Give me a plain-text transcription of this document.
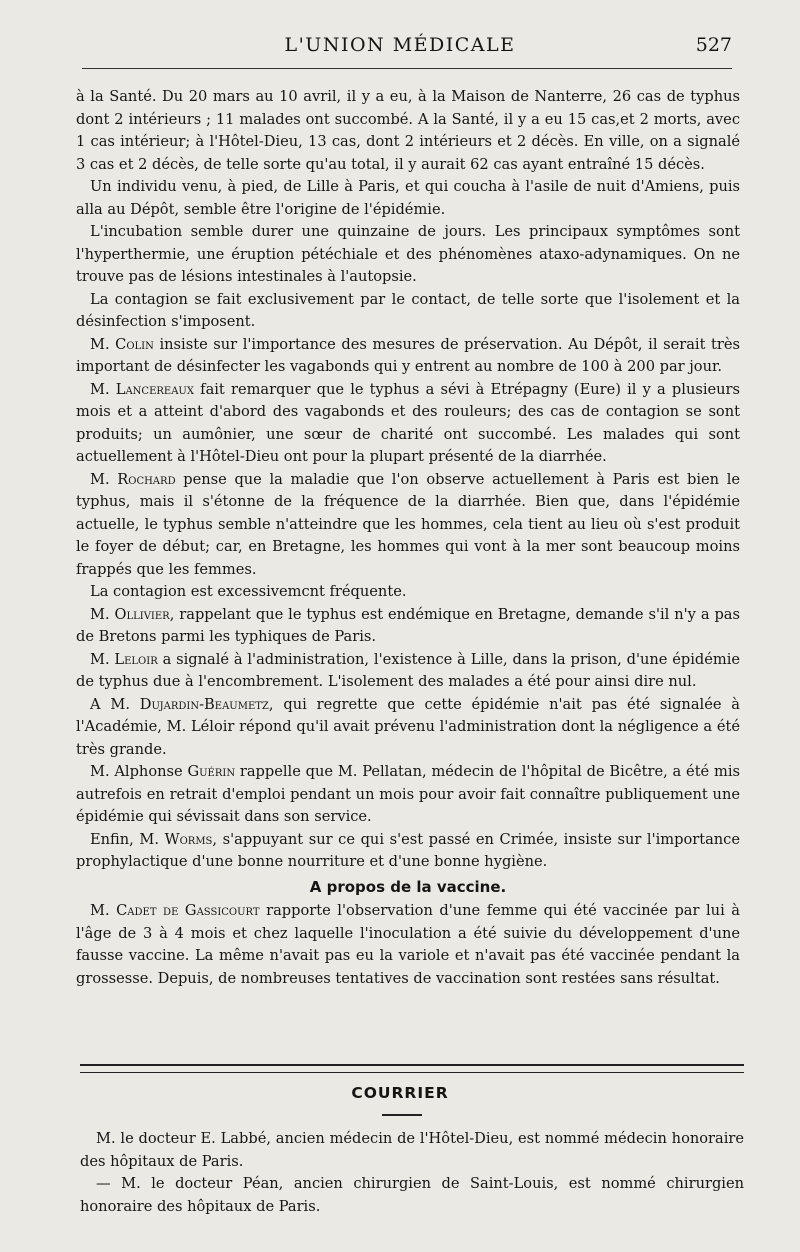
L'UNION MÉDICALE	527

à la Santé. Du 20 mars au 10 avril, il y a eu, à la Maison de Nanterre, 26 cas de typhus dont 2 intérieurs ; 11 malades ont succombé. A la Santé, il y a eu 15 cas,et 2 morts, avec 1 cas intérieur; à l'Hôtel-Dieu, 13 cas, dont 2 intérieurs et 2 décès. En ville, on a signalé 3 cas et 2 décès, de telle sorte qu'au total, il y aurait 62 cas ayant entraîné 15 décès.

Un individu venu, à pied, de Lille à Paris, et qui coucha à l'asile de nuit d'Amiens, puis alla au Dépôt, semble être l'origine de l'épidémie.

L'incubation semble durer une quinzaine de jours. Les principaux symptômes sont l'hyperthermie, une éruption pétéchiale et des phénomènes ataxo-adynamiques. On ne trouve pas de lésions intestinales à l'autopsie.

La contagion se fait exclusivement par le contact, de telle sorte que l'isolement et la désinfection s'imposent.

M. Colin insiste sur l'importance des mesures de préservation. Au Dépôt, il serait très important de désinfecter les vagabonds qui y entrent au nombre de 100 à 200 par jour.

M. Lancereaux fait remarquer que le typhus a sévi à Etrépagny (Eure) il y a plusieurs mois et a atteint d'abord des vagabonds et des rouleurs; des cas de contagion se sont produits; un aumônier, une sœur de charité ont succombé. Les malades qui sont actuellement à l'Hôtel-Dieu ont pour la plupart présenté de la diarrhée.

M. Rochard pense que la maladie que l'on observe actuellement à Paris est bien le typhus, mais il s'étonne de la fréquence de la diarrhée. Bien que, dans l'épidémie actuelle, le typhus semble n'atteindre que les hommes, cela tient au lieu où s'est produit le foyer de début; car, en Bretagne, les hommes qui vont à la mer sont beaucoup moins frappés que les femmes.

La contagion est excessivemcnt fréquente.

M. Ollivier, rappelant que le typhus est endémique en Bretagne, demande s'il n'y a pas de Bretons parmi les typhiques de Paris.

M. Leloir a signalé à l'administration, l'existence à Lille, dans la prison, d'une épidémie de typhus due à l'encombrement. L'isolement des malades a été pour ainsi dire nul.

A M. Dujardin-Beaumetz, qui regrette que cette épidémie n'ait pas été signalée à l'Académie, M. Léloir répond qu'il avait prévenu l'administration dont la négligence a été très grande.

M. Alphonse Guérin rappelle que M. Pellatan, médecin de l'hôpital de Bicêtre, a été mis autrefois en retrait d'emploi pendant un mois pour avoir fait connaître publiquement une épidémie qui sévissait dans son service.

Enfin, M. Worms, s'appuyant sur ce qui s'est passé en Crimée, insiste sur l'importance prophylactique d'une bonne nourriture et d'une bonne hygiène.

A propos de la vaccine.

M. Cadet de Gassicourt rapporte l'observation d'une femme qui été vaccinée par lui à l'âge de 3 à 4 mois et chez laquelle l'inoculation a été suivie du développement d'une fausse vaccine. La même n'avait pas eu la variole et n'avait pas été vaccinée pendant la grossesse. Depuis, de nombreuses tentatives de vaccination sont restées sans résultat.

COURRIER

M. le docteur E. Labbé, ancien médecin de l'Hôtel-Dieu, est nommé médecin honoraire des hôpitaux de Paris.

— M. le docteur Péan, ancien chirurgien de Saint-Louis, est nommé chirurgien honoraire des hôpitaux de Paris.
